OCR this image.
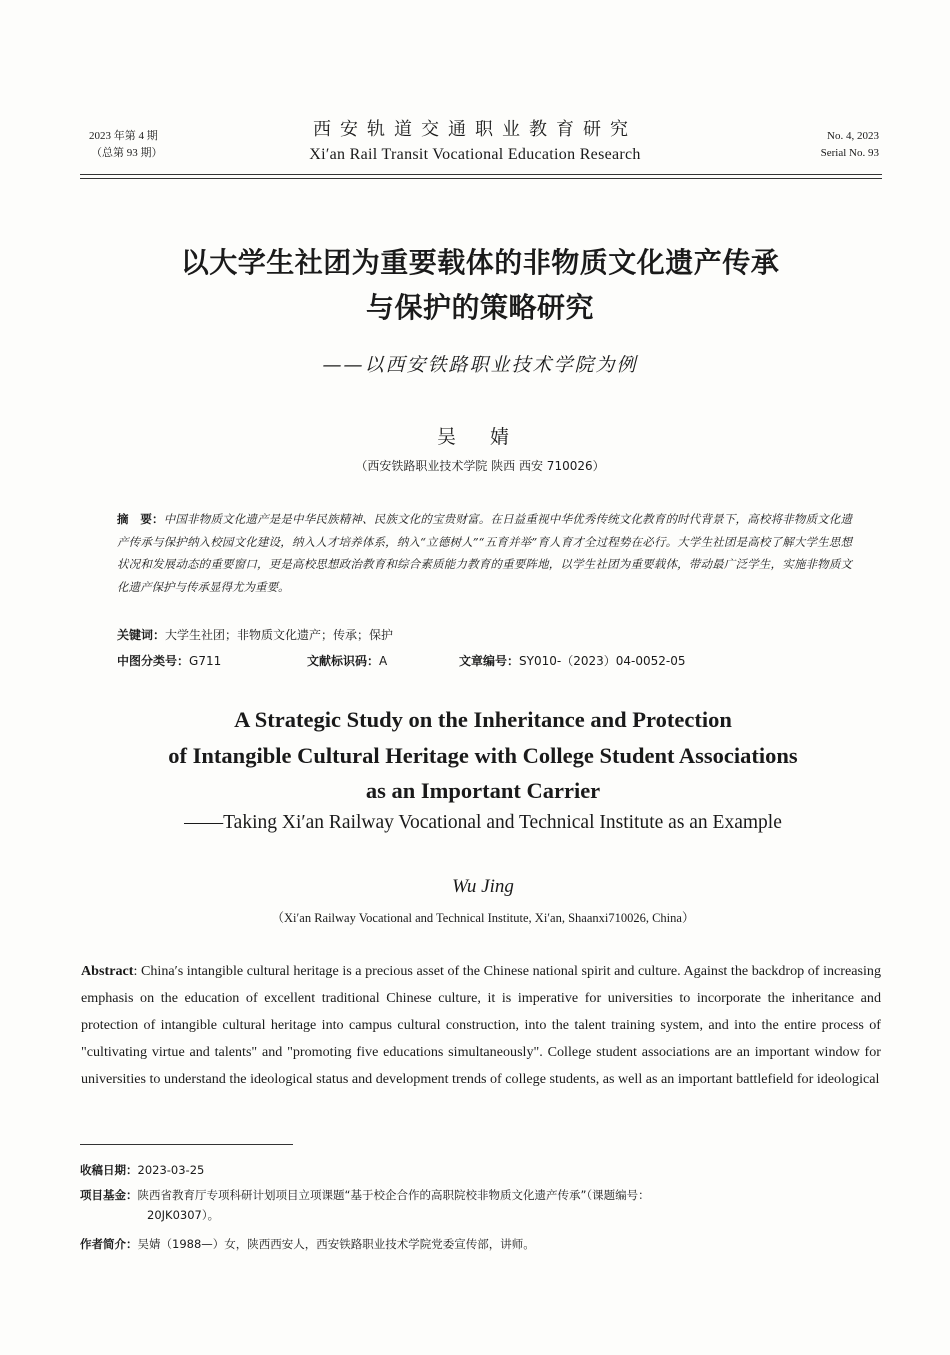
2023 年第 4 期
（总第 93 期）
西安轨道交通职业教育研究
Xi′an Rail Transit Vocational Education Research
No. 4, 2023
Serial No. 93
以大学生社团为重要载体的非物质文化遗产传承
与保护的策略研究
——以西安铁路职业技术学院为例
吴 婧
（西安铁路职业技术学院 陕西 西安 710026）
摘　要：中国非物质文化遗产是是中华民族精神、民族文化的宝贵财富。在日益重视中华优秀传统文化教育的时代背景下，高校将非物质文化遗产传承与保护纳入校园文化建设，纳入人才培养体系，纳入“立德树人”“五育并举”育人育才全过程势在必行。大学生社团是高校了解大学生思想状况和发展动态的重要窗口，更是高校思想政治教育和综合素质能力教育的重要阵地，以学生社团为重要载体，带动最广泛学生，实施非物质文化遗产保护与传承显得尤为重要。
关键词：大学生社团；非物质文化遗产；传承；保护
中图分类号：G711	文献标识码：A	文章编号：SY010-（2023）04-0052-05
A Strategic Study on the Inheritance and Protection
of Intangible Cultural Heritage with College Student Associations
as an Important Carrier
——Taking Xi′an Railway Vocational and Technical Institute as an Example
Wu Jing
（Xi′an Railway Vocational and Technical Institute, Xi′an, Shaanxi710026, China）
Abstract: China′s intangible cultural heritage is a precious asset of the Chinese national spirit and culture. Against the backdrop of increasing emphasis on the education of excellent traditional Chinese culture, it is imperative for universities to incorporate the inheritance and protection of intangible cultural heritage into campus cultural construction, into the talent training system, and into the entire process of "cultivating virtue and talents" and "promoting five educations simultaneously". College student associations are an important window for universities to understand the ideological status and development trends of college students, as well as an important battlefield for ideological
收稿日期：2023-03-25
项目基金：陕西省教育厅专项科研计划项目立项课题“基于校企合作的高职院校非物质文化遗产传承”（课题编号：
20JK0307）。
作者简介：吴婧（1988—）女，陕西西安人，西安铁路职业技术学院党委宣传部，讲师。
